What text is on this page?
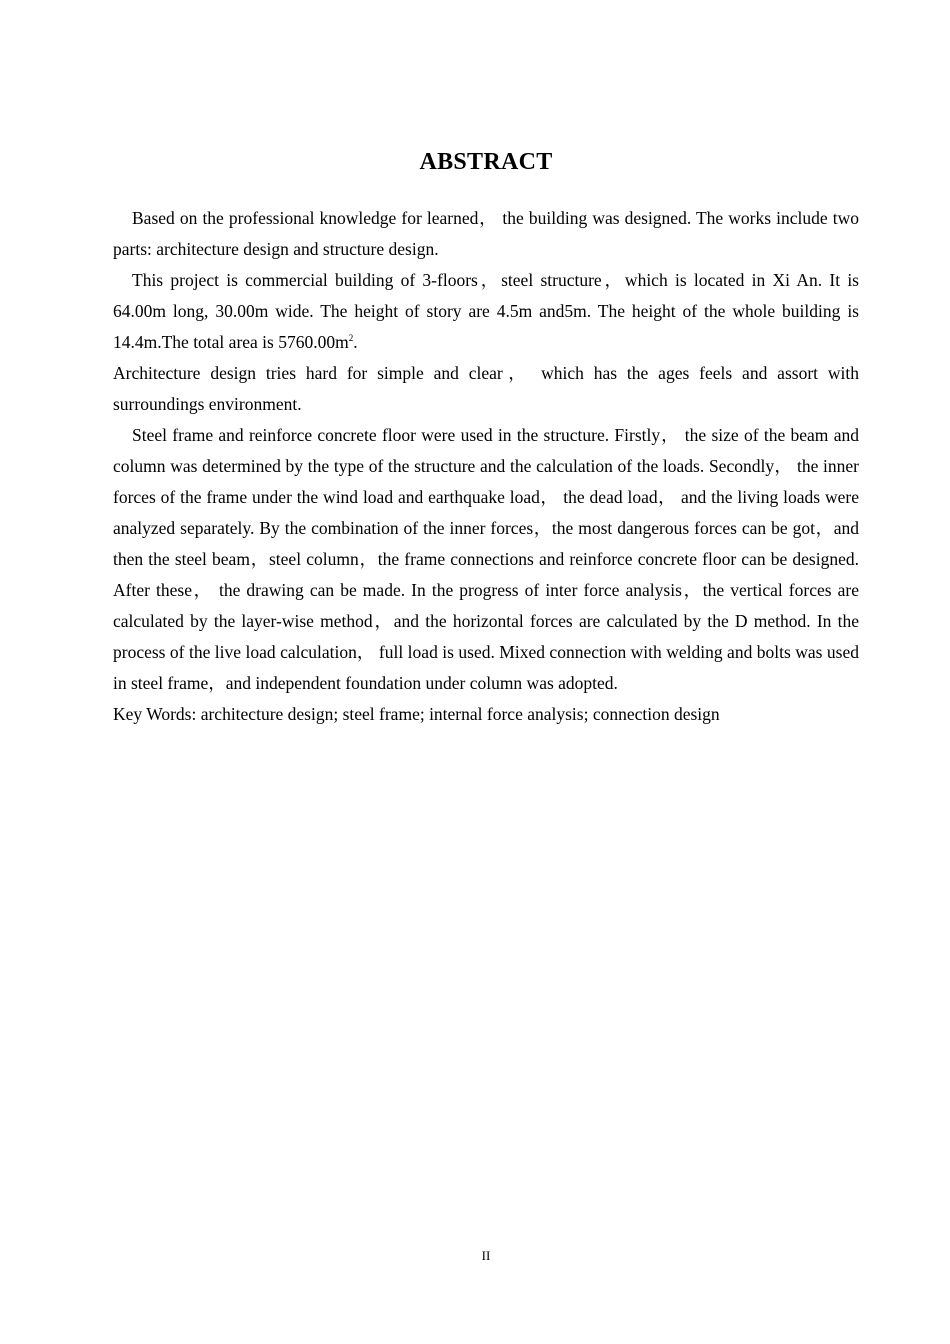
ABSTRACT

Based on the professional knowledge for learned， the building was designed. The works include two parts: architecture design and structure design.

This project is commercial building of 3-floors，steel structure，which is located in Xi An. It is 64.00m long, 30.00m wide. The height of story are 4.5m and5m. The height of the whole building is 14.4m.The total area is $5760.00m^2$.

Architecture design tries hard for simple and clear， which has the ages feels and assort with surroundings environment.

Steel frame and reinforce concrete floor were used in the structure. Firstly， the size of the beam and column was determined by the type of the structure and the calculation of the loads. Secondly， the inner forces of the frame under the wind load and earthquake load， the dead load， and the living loads were analyzed separately. By the combination of the inner forces，the most dangerous forces can be got，and then the steel beam，steel column，the frame connections and reinforce concrete floor can be designed. After these， the drawing can be made. In the progress of inter force analysis，the vertical forces are calculated by the layer-wise method，and the horizontal forces are calculated by the D method. In the process of the live load calculation， full load is used. Mixed connection with welding and bolts was used in steel frame，and independent foundation under column was adopted.

Key Words: architecture design; steel frame; internal force analysis; connection design

II
